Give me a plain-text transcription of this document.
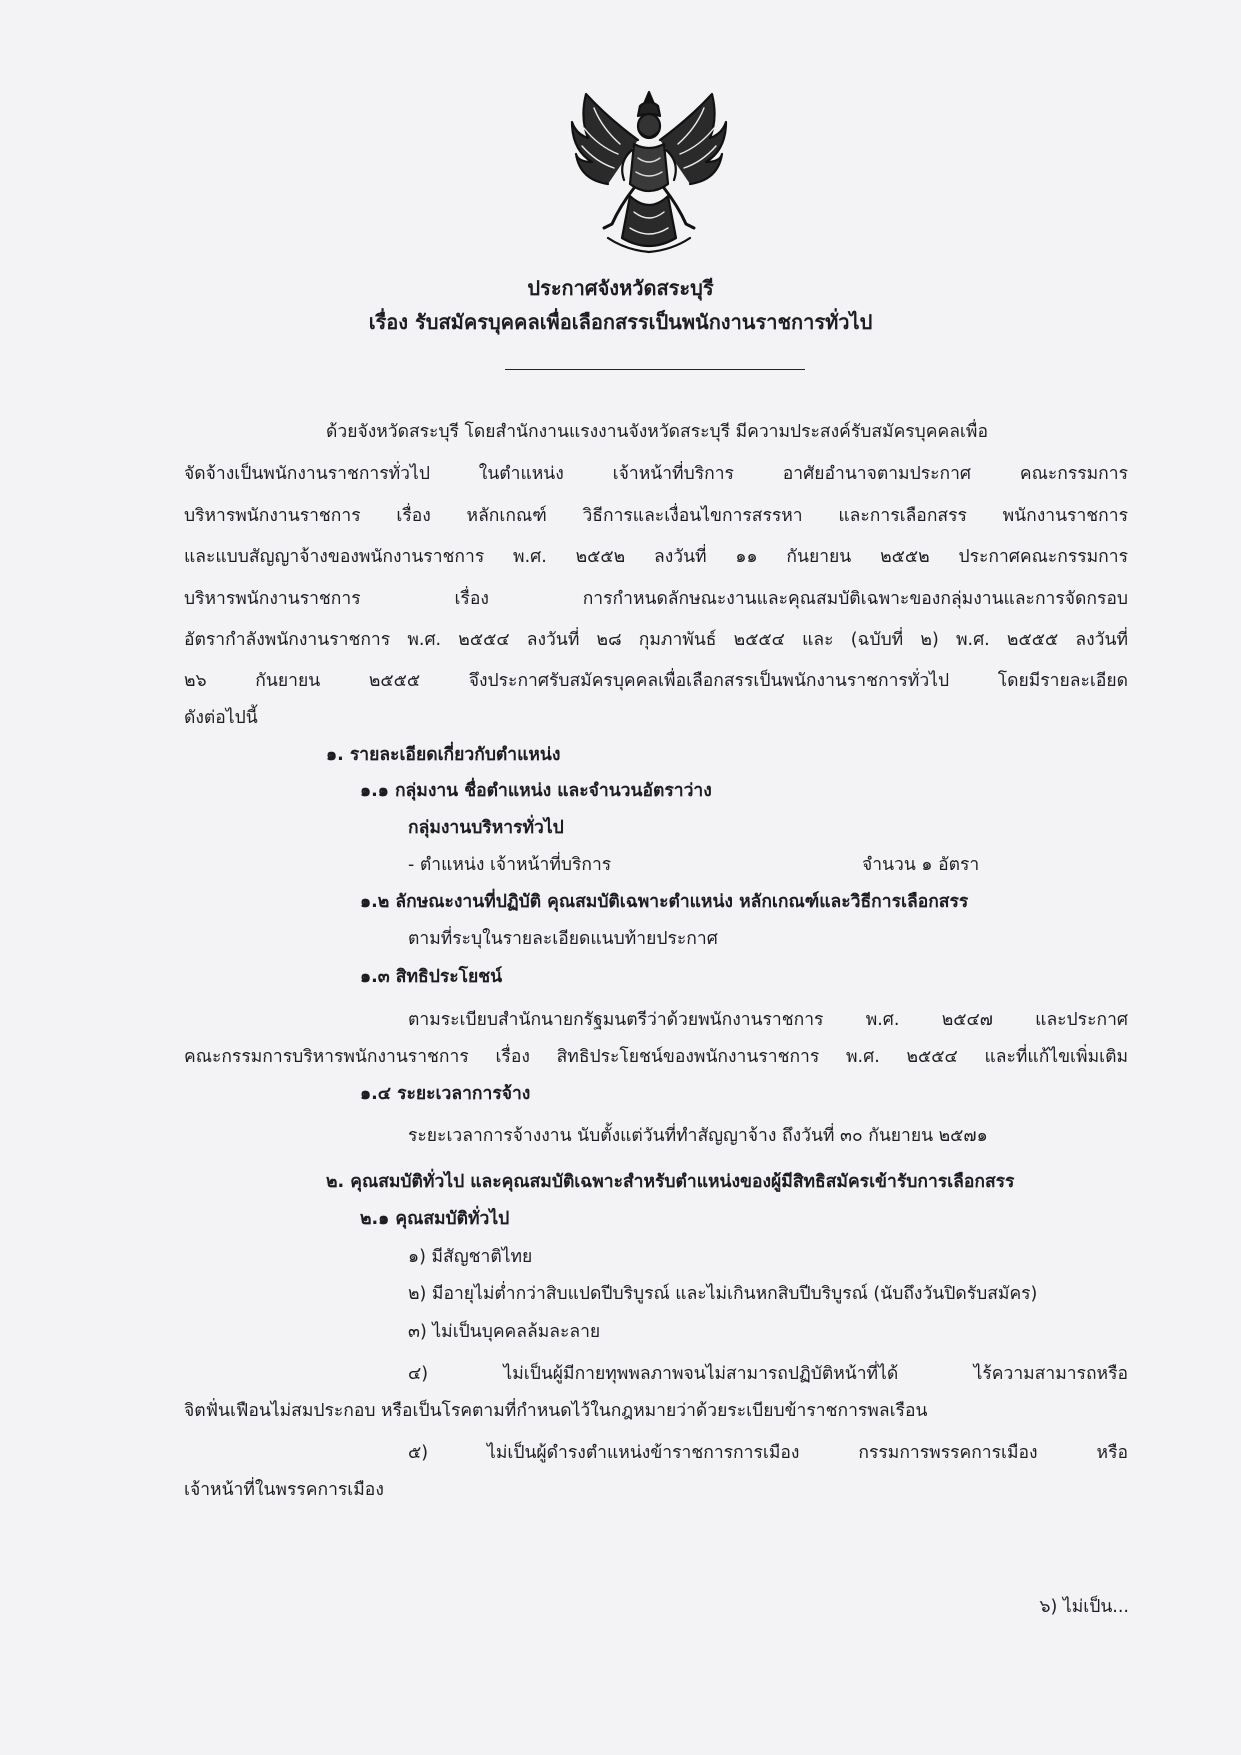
ประกาศจังหวัดสระบุรี
เรื่อง รับสมัครบุคคลเพื่อเลือกสรรเป็นพนักงานราชการทั่วไป
ด้วยจังหวัดสระบุรี โดยสำนักงานแรงงานจังหวัดสระบุรี มีความประสงค์รับสมัครบุคคลเพื่อ
จัดจ้างเป็นพนักงานราชการทั่วไป ในตำแหน่ง เจ้าหน้าที่บริการ อาศัยอำนาจตามประกาศ คณะกรรมการ
บริหารพนักงานราชการ เรื่อง หลักเกณฑ์ วิธีการและเงื่อนไขการสรรหา และการเลือกสรร พนักงานราชการ
และแบบสัญญาจ้างของพนักงานราชการ พ.ศ. ๒๕๕๒ ลงวันที่ ๑๑ กันยายน ๒๕๕๒ ประกาศคณะกรรมการ
บริหารพนักงานราชการ เรื่อง การกำหนดลักษณะงานและคุณสมบัติเฉพาะของกลุ่มงานและการจัดกรอบ
อัตรากำลังพนักงานราชการ พ.ศ. ๒๕๕๔ ลงวันที่ ๒๘ กุมภาพันธ์ ๒๕๕๔ และ (ฉบับที่ ๒) พ.ศ. ๒๕๕๕ ลงวันที่
๒๖ กันยายน ๒๕๕๕ จึงประกาศรับสมัครบุคคลเพื่อเลือกสรรเป็นพนักงานราชการทั่วไป โดยมีรายละเอียด
ดังต่อไปนี้
๑. รายละเอียดเกี่ยวกับตำแหน่ง
๑.๑ กลุ่มงาน ชื่อตำแหน่ง และจำนวนอัตราว่าง
กลุ่มงานบริหารทั่วไป
- ตำแหน่ง เจ้าหน้าที่บริการ	จำนวน ๑ อัตรา
๑.๒ ลักษณะงานที่ปฏิบัติ คุณสมบัติเฉพาะตำแหน่ง หลักเกณฑ์และวิธีการเลือกสรร
ตามที่ระบุในรายละเอียดแนบท้ายประกาศ
๑.๓ สิทธิประโยชน์
ตามระเบียบสำนักนายกรัฐมนตรีว่าด้วยพนักงานราชการ พ.ศ. ๒๕๔๗ และประกาศ
คณะกรรมการบริหารพนักงานราชการ เรื่อง สิทธิประโยชน์ของพนักงานราชการ พ.ศ. ๒๕๕๔ และที่แก้ไขเพิ่มเติม
๑.๔ ระยะเวลาการจ้าง
ระยะเวลาการจ้างงาน นับตั้งแต่วันที่ทำสัญญาจ้าง ถึงวันที่ ๓๐ กันยายน ๒๕๗๑
๒. คุณสมบัติทั่วไป และคุณสมบัติเฉพาะสำหรับตำแหน่งของผู้มีสิทธิสมัครเข้ารับการเลือกสรร
๒.๑ คุณสมบัติทั่วไป
๑) มีสัญชาติไทย
๒) มีอายุไม่ต่ำกว่าสิบแปดปีบริบูรณ์ และไม่เกินหกสิบปีบริบูรณ์ (นับถึงวันปิดรับสมัคร)
๓) ไม่เป็นบุคคลล้มละลาย
๔) ไม่เป็นผู้มีกายทุพพลภาพจนไม่สามารถปฏิบัติหน้าที่ได้ ไร้ความสามารถหรือ
จิตฟั่นเฟือนไม่สมประกอบ หรือเป็นโรคตามที่กำหนดไว้ในกฎหมายว่าด้วยระเบียบข้าราชการพลเรือน
๕) ไม่เป็นผู้ดำรงตำแหน่งข้าราชการการเมือง กรรมการพรรคการเมือง หรือ
เจ้าหน้าที่ในพรรคการเมือง
๖) ไม่เป็น...
